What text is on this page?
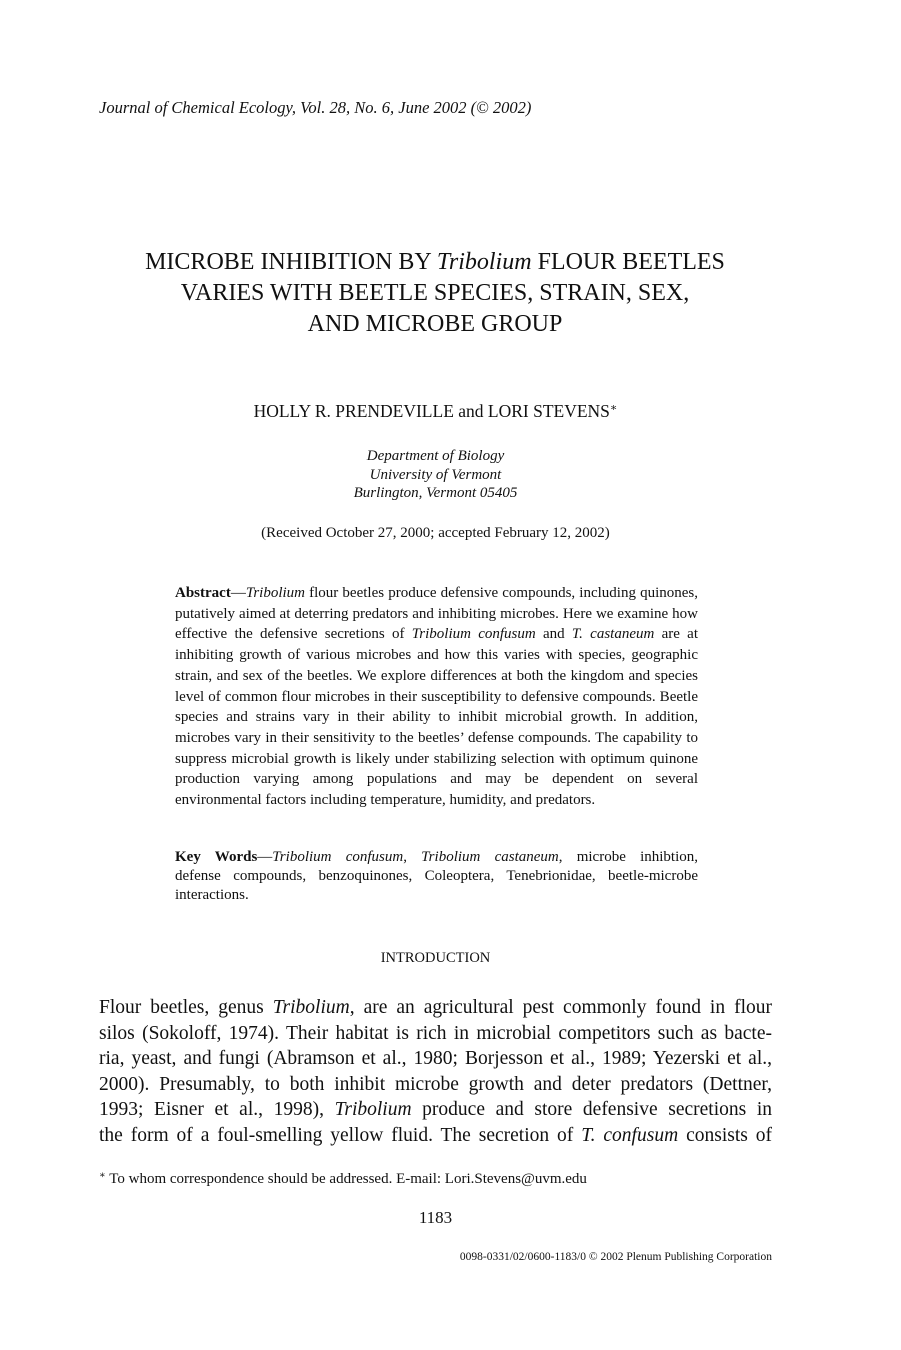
Journal of Chemical Ecology, Vol. 28, No. 6, June 2002 (© 2002)
MICROBE INHIBITION BY Tribolium FLOUR BEETLES
VARIES WITH BEETLE SPECIES, STRAIN, SEX,
AND MICROBE GROUP
HOLLY R. PRENDEVILLE and LORI STEVENS∗
Department of Biology
University of Vermont
Burlington, Vermont 05405
(Received October 27, 2000; accepted February 12, 2002)
Abstract—Tribolium flour beetles produce defensive compounds, including quinones, putatively aimed at deterring predators and inhibiting microbes. Here we examine how effective the defensive secretions of Tribolium confusum and T. castaneum are at inhibiting growth of various microbes and how this varies with species, geographic strain, and sex of the beetles. We explore differences at both the kingdom and species level of common flour microbes in their susceptibility to defensive compounds. Beetle species and strains vary in their ability to inhibit microbial growth. In addition, microbes vary in their sensitivity to the beetles’ defense compounds. The capability to suppress microbial growth is likely under stabilizing selection with optimum quinone production varying among populations and may be dependent on several environmental factors including temperature, humidity, and predators.
Key Words—Tribolium confusum, Tribolium castaneum, microbe inhibtion,
defense compounds, benzoquinones, Coleoptera, Tenebrionidae, beetle-microbe
interactions.
INTRODUCTION
Flour beetles, genus Tribolium, are an agricultural pest commonly found in flour
silos (Sokoloff, 1974). Their habitat is rich in microbial competitors such as bacte-
ria, yeast, and fungi (Abramson et al., 1980; Borjesson et al., 1989; Yezerski et al.,
2000). Presumably, to both inhibit microbe growth and deter predators (Dettner,
1993; Eisner et al., 1998), Tribolium produce and store defensive secretions in
the form of a foul-smelling yellow fluid. The secretion of T. confusum consists of
∗ To whom correspondence should be addressed. E-mail: Lori.Stevens@uvm.edu
1183
0098-0331/02/0600-1183/0 © 2002 Plenum Publishing Corporation
